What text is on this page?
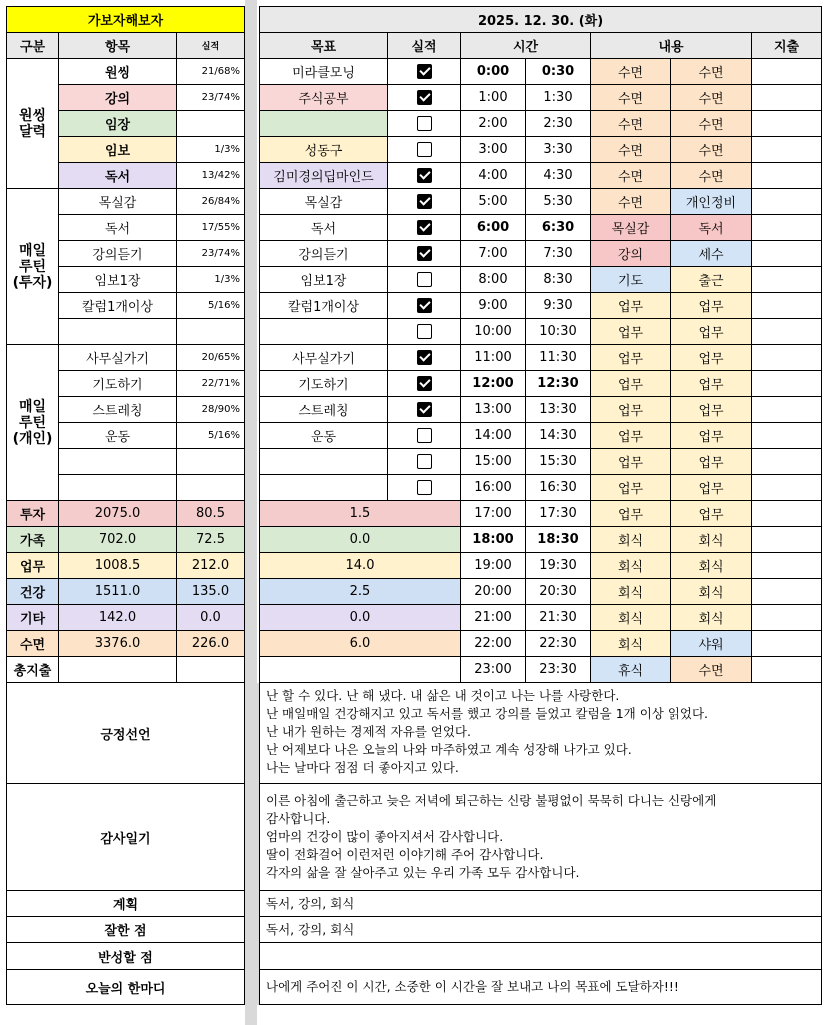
가보자해보자		
구분	항목	실적
원씽
달력	원씽	21/68%
	강의	23/74%
	임장	
	임보	1/3%
	독서	13/42%
매일
루틴
(투자)	목실감	26/84%
	독서	17/55%
	강의듣기	23/74%
	임보1장	1/3%
	칼럼1개이상	5/16%

매일
루틴
(개인)	사무실가기	20/65%
	기도하기	22/71%
	스트레칭	28/90%
	운동	5/16%

투자	2075.0	80.5
가족	702.0	72.5
업무	1008.5	212.0
건강	1511.0	135.0
기타	142.0	0.0
수면	3376.0	226.0
총지출		
2025. 12. 30. (화)						
목표	실적	시간		내용		지출
미라클모닝		0:00	0:30	수면	수면	
주식공부		1:00	1:30	수면	수면	
		2:00	2:30	수면	수면	
성동구		3:00	3:30	수면	수면	
김미경의딥마인드		4:00	4:30	수면	수면	
목실감		5:00	5:30	수면	개인정비	
독서		6:00	6:30	목실감	독서	
강의듣기		7:00	7:30	강의	세수	
임보1장		8:00	8:30	기도	출근	
칼럼1개이상		9:00	9:30	업무	업무	
		10:00	10:30	업무	업무	
사무실가기		11:00	11:30	업무	업무	
기도하기		12:00	12:30	업무	업무	
스트레칭		13:00	13:30	업무	업무	
운동		14:00	14:30	업무	업무	
		15:00	15:30	업무	업무	
		16:00	16:30	업무	업무	
1.5		17:00	17:30	업무	업무	
0.0		18:00	18:30	회식	회식	
14.0		19:00	19:30	회식	회식	
2.5		20:00	20:30	회식	회식	
0.0		21:00	21:30	회식	회식	
6.0		22:00	22:30	회식	샤워	
		23:00	23:30	휴식	수면	
긍정선언		난 할 수 있다. 난 해 냈다. 내 삶은 내 것이고 나는 나를 사랑한다.
난 매일매일 건강해지고 있고 독서를 했고 강의를 들었고 칼럼을 1개 이상 읽었다.
난 내가 원하는 경제적 자유를 얻었다.
난 어제보다 나은 오늘의 나와 마주하였고 계속 성장해 나가고 있다.
나는 날마다 점점 더 좋아지고 있다.

감사일기		이른 아침에 출근하고 늦은 저녁에 퇴근하는 신랑 불평없이 묵묵히 다니는 신랑에게
감사합니다.
엄마의 건강이 많이 좋아지셔서 감사합니다.
딸이 전화걸어 이런저런 이야기해 주어 감사합니다.
각자의 삶을 잘 살아주고 있는 우리 가족 모두 감사합니다.

계획		독서, 강의, 회식
잘한 점		독서, 강의, 회식
반성할 점		
오늘의 한마디		나에게 주어진 이 시간, 소중한 이 시간을 잘 보내고 나의 목표에 도달하자!!!
